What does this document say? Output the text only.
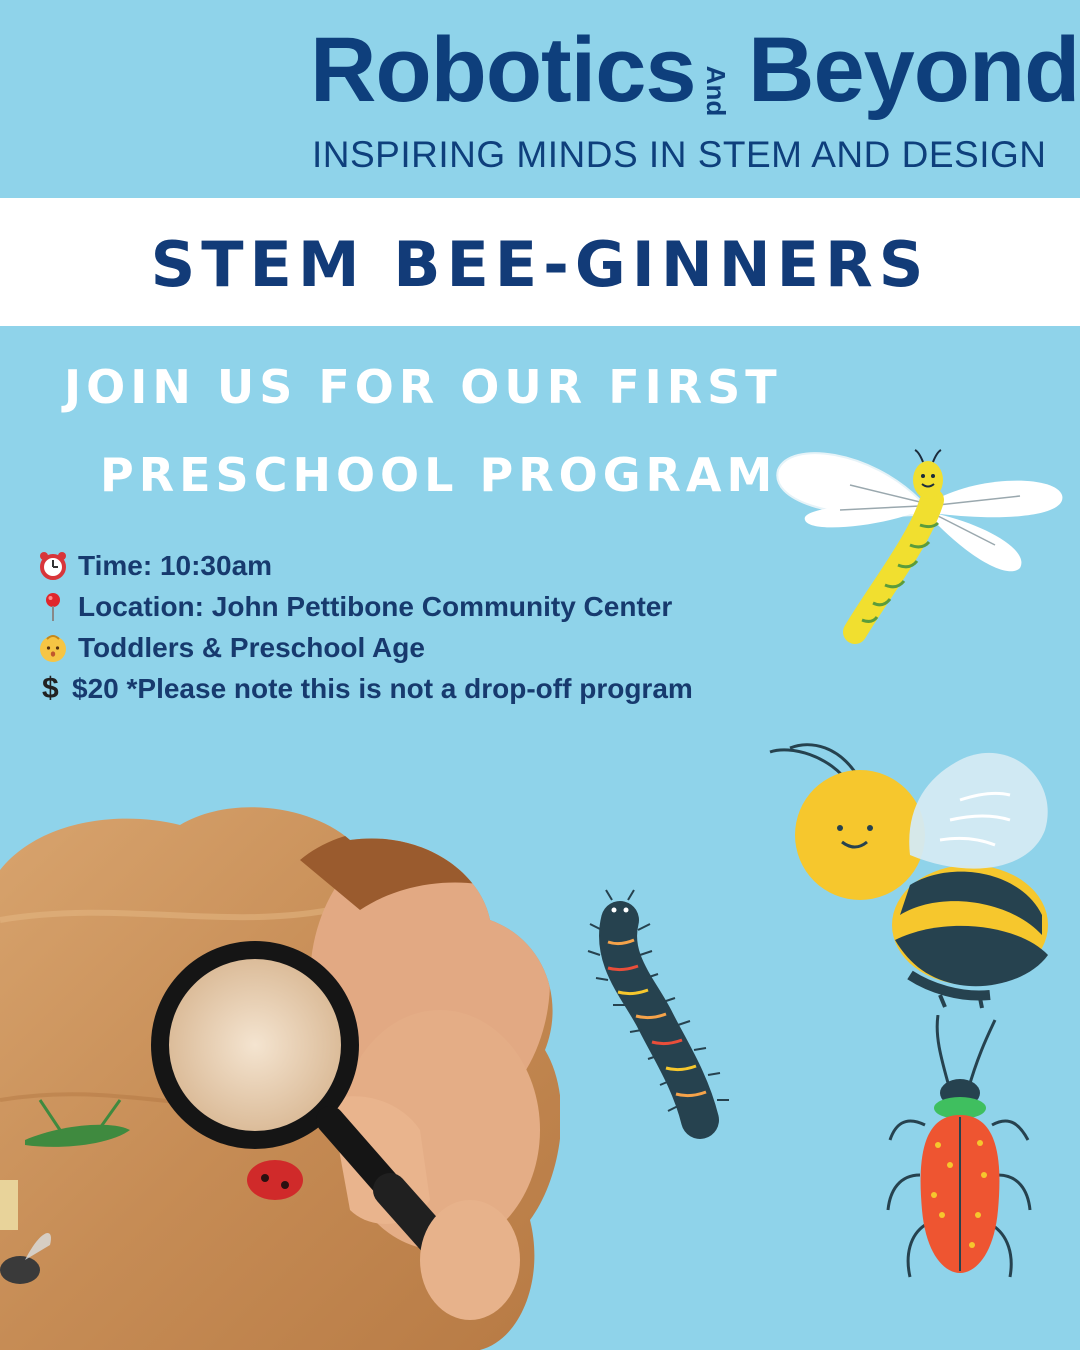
Robotics And Beyond
INSPIRING MINDS IN STEM AND DESIGN
STEM BEE-GINNERS
JOIN US FOR OUR FIRST
PRESCHOOL PROGRAM
Time: 10:30am
Location: John Pettibone Community Center
Toddlers & Preschool Age
$ $20 *Please note this is not a drop-off program
